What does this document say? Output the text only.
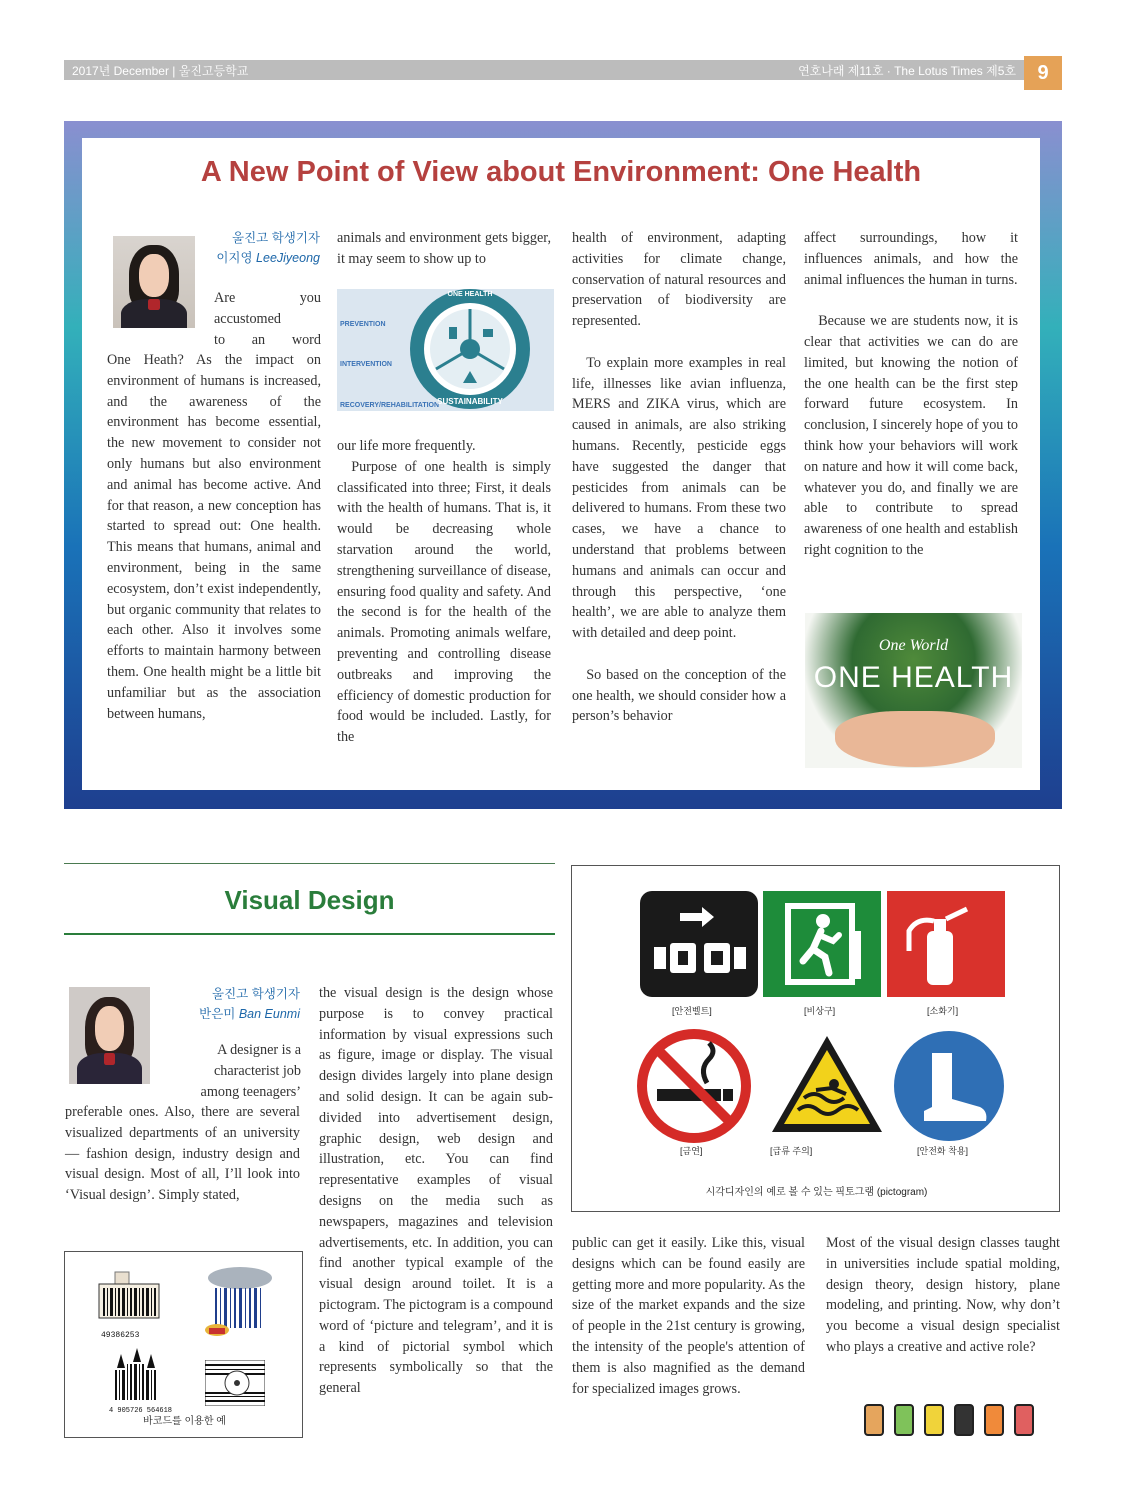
2017년 December | 울진고등학교	연호나래 제11호 · The Lotus Times 제5호	9
A New Point of View about Environment: One Health
울진고 학생기자
이지영 LeeJiyeong
Are you
accustomed
to an word
One Heath? As the impact on environment of humans is increased, and the awareness of the environment has become essential, the new movement to consider not only humans but also environment and animal has become active. And for that reason, a new conception has started to spread out: One health. This means that humans, animal and environment, being in the same ecosystem, don’t exist independently, but organic community that relates to each other. Also it involves some efforts to maintain harmony between them. One health might be a little bit unfamiliar but as the association between humans,
animals and environment gets bigger, it may seem to show up to
PREVENTION
INTERVENTION
RECOVERY/REHABILITATION
ONE HEALTH
SUSTAINABILITY
our life more frequently.
 Purpose of one health is simply classificated into three; First, it deals with the health of humans. That is, it would be decreasing whole starvation around the world, strengthening surveillance of disease, ensuring food quality and safety. And the second is for the health of the animals. Promoting animals welfare, preventing and controlling disease outbreaks and improving the efficiency of domestic production for food would be included. Lastly, for the

health of environment, adapting activities for climate change, conservation of natural resources and preservation of biodiversity are represented.

 To explain more examples in real life, illnesses like avian influenza, MERS and ZIKA virus, which are caused in animals, are also striking humans. Recently, pesticide eggs have suggested the danger that pesticides from animals can be delivered to humans. From these two cases, we have a chance to understand that problems between humans and animals can occur and through this perspective, ‘one health’, we are able to analyze them with detailed and deep point.

 So based on the conception of the one health, we should consider how a person’s behavior

affect surroundings, how it influences animals, and how the animal influences the human in turns.

 Because we are students now, it is clear that activities we can do are limited, but knowing the notion of the one health can be the first step forward future ecosystem. In conclusion, I sincerely hope of you to think how your behaviors will work on nature and how it will come back, whatever you do, and finally we are able to contribute to spread awareness of one health and establish right cognition to the

One World
ONE HEALTH
Visual Design
울진고 학생기자
반은미 Ban Eunmi
A designer is a
characterist job
among teenagers’
preferable ones. Also, there are several visualized departments of an university — fashion design, industry design and visual design. Most of all, I’ll look into ‘Visual design’. Simply stated,
49386253
4 905726 564618
바코드를 이용한 예
the visual design is the design whose purpose is to convey practical information by visual expressions such as figure, image or display. The visual design divides largely into plane design and solid design. It can be again sub-divided into advertisement design, graphic design, web design and illustration, etc. You can find representative examples of visual designs on the media such as newspapers, magazines and television advertisements, etc. In addition, you can find another typical example of the visual design around toilet. It is a pictogram. The pictogram is a compound word of ‘picture and telegram’, and it is a kind of pictorial symbol which represents symbolically so that the general
[안전벨트]	[비상구]	[소화기]
[금연]	[급류 주의]	[안전화 착용]
시각디자인의 예로 볼 수 있는 픽토그램 (pictogram)
public can get it easily. Like this, visual designs which can be found easily are getting more and more popularity. As the size of the market expands and the size of people in the 21st century is growing, the intensity of the people's attention of them is also magnified as the demand for specialized images grows.
Most of the visual design classes taught in universities include spatial molding, design theory, design history, plane modeling, and printing. Now, why don’t you become a visual design specialist who plays a creative and active role?
